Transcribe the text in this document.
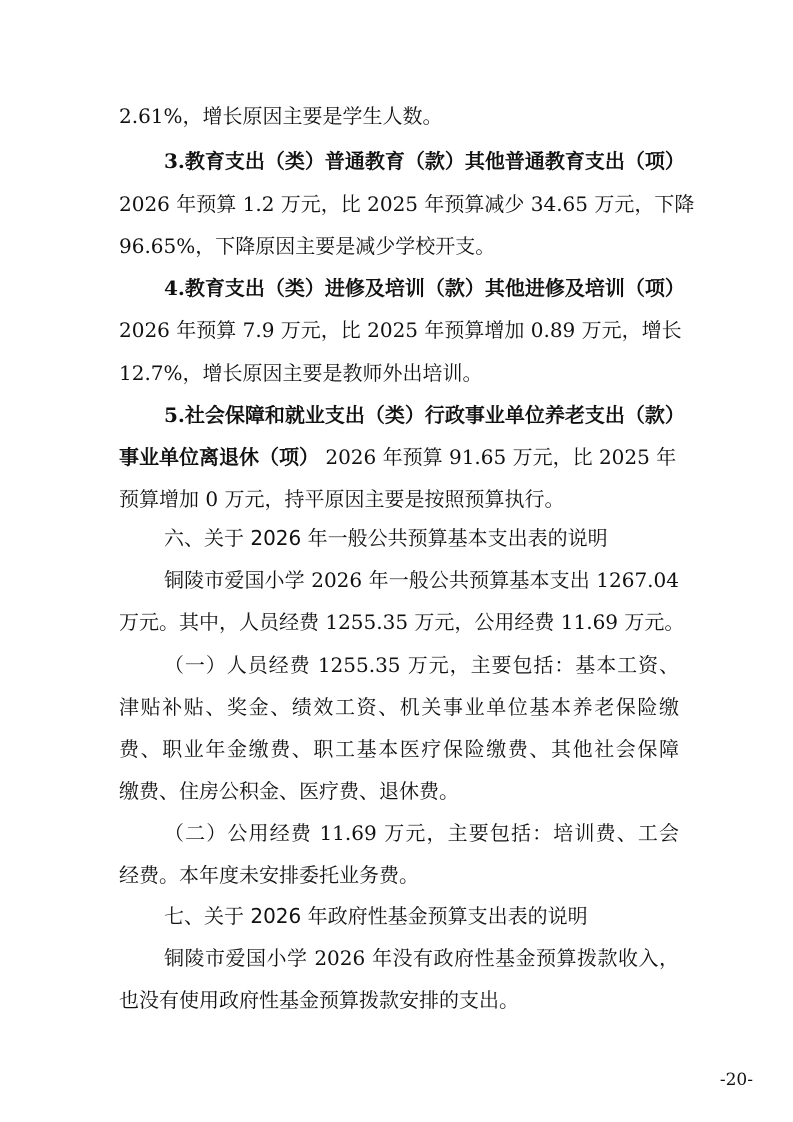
2.61%，增长原因主要是学生人数。
3.教育支出（类）普通教育（款）其他普通教育支出（项）
2026 年预算 1.2 万元，比 2025 年预算减少 34.65 万元，下降
96.65%，下降原因主要是减少学校开支。
4.教育支出（类）进修及培训（款）其他进修及培训（项）
2026 年预算 7.9 万元，比 2025 年预算增加 0.89 万元，增长
12.7%，增长原因主要是教师外出培训。
5.社会保障和就业支出（类）行政事业单位养老支出（款）
事业单位离退休（项） 2026 年预算 91.65 万元，比 2025 年
预算增加 0 万元，持平原因主要是按照预算执行。
六、关于 2026 年一般公共预算基本支出表的说明
铜陵市爱国小学 2026 年一般公共预算基本支出 1267.04
万元。其中，人员经费 1255.35 万元，公用经费 11.69 万元。
（一）人员经费 1255.35 万元，主要包括：基本工资、
津贴补贴、奖金、绩效工资、机关事业单位基本养老保险缴
费、职业年金缴费、职工基本医疗保险缴费、其他社会保障
缴费、住房公积金、医疗费、退休费。
（二）公用经费 11.69 万元，主要包括：培训费、工会
经费。本年度未安排委托业务费。
七、关于 2026 年政府性基金预算支出表的说明
铜陵市爱国小学 2026 年没有政府性基金预算拨款收入，
也没有使用政府性基金预算拨款安排的支出。
-20-
